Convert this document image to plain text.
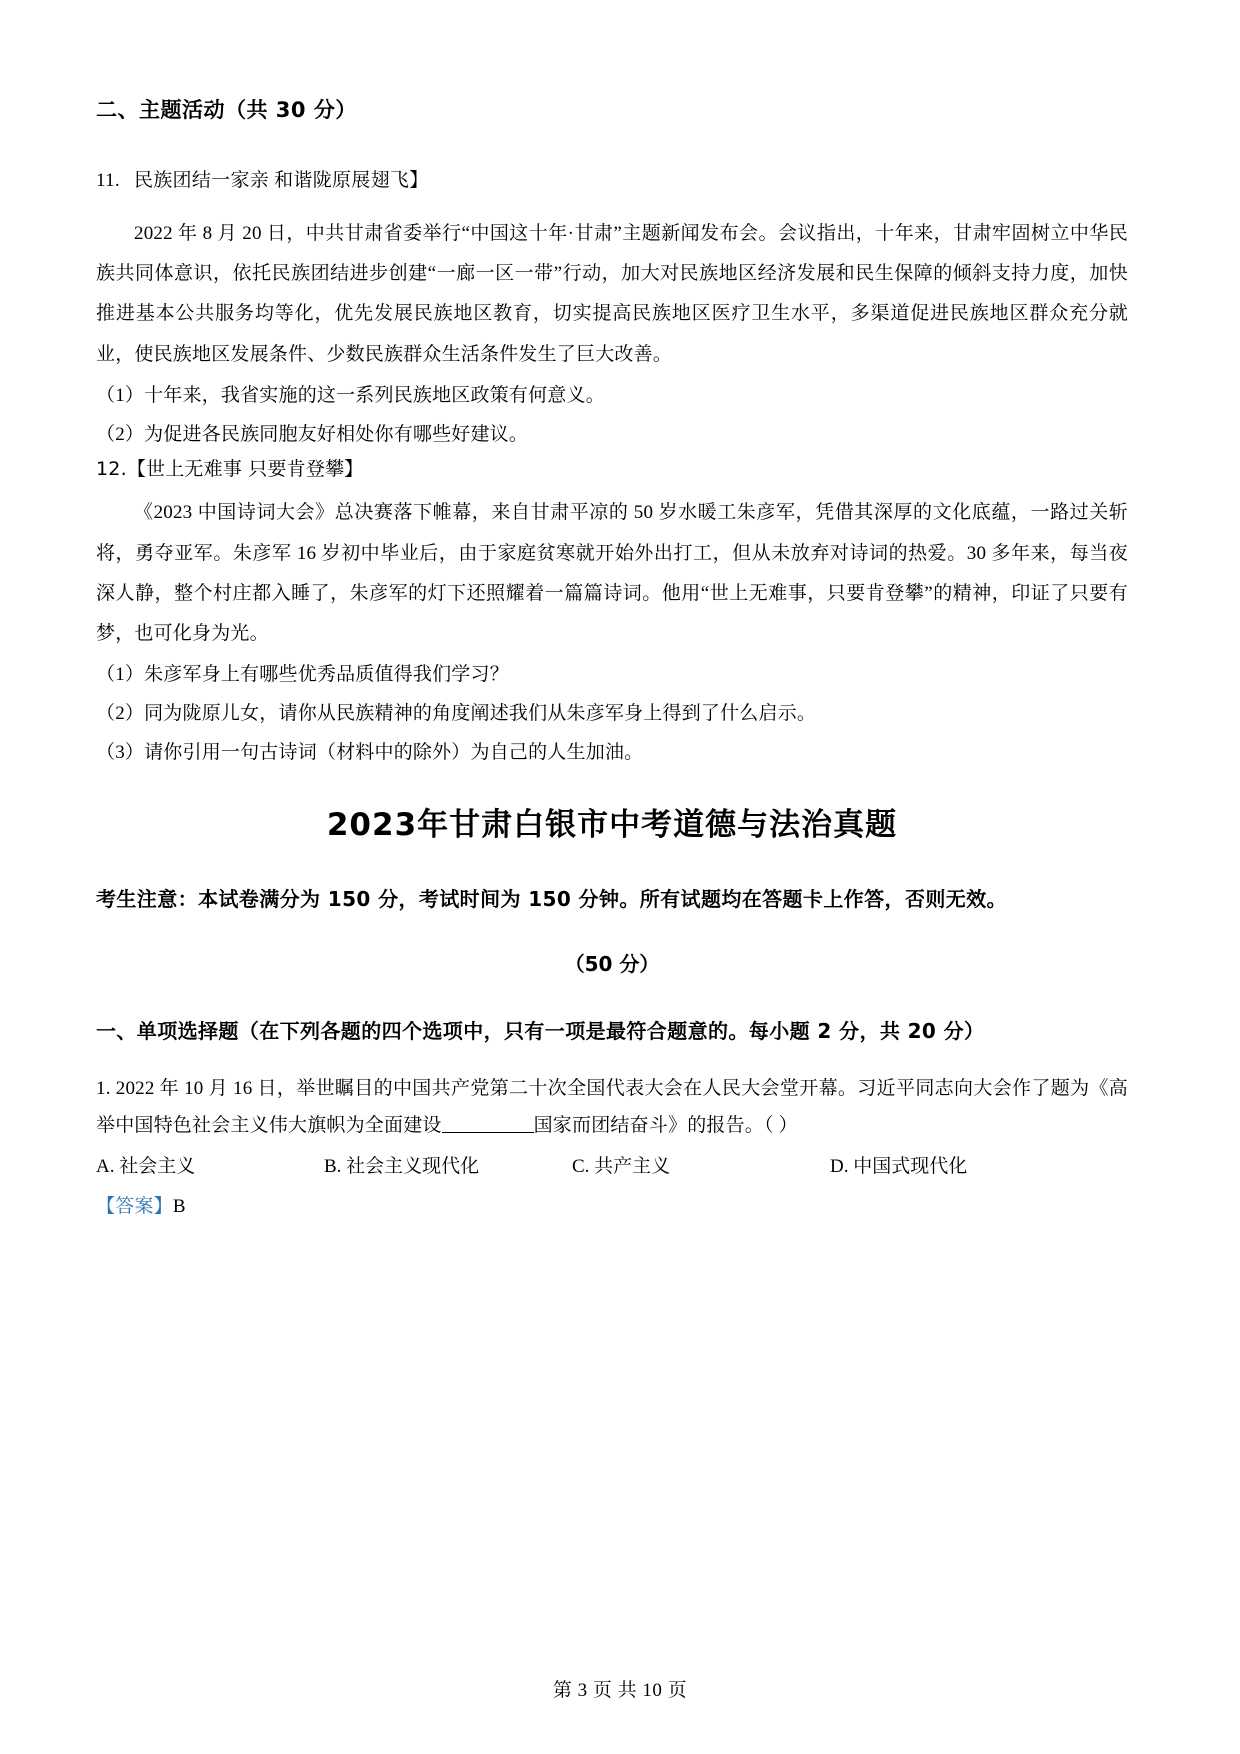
二、主题活动（共 30 分）

11. 民族团结一家亲 和谐陇原展翅飞】

2022 年 8 月 20 日，中共甘肃省委举行“中国这十年·甘肃”主题新闻发布会。会议指出，十年来，甘肃牢固树立中华民族共同体意识，依托民族团结进步创建“一廊一区一带”行动，加大对民族地区经济发展和民生保障的倾斜支持力度，加快推进基本公共服务均等化，优先发展民族地区教育，切实提高民族地区医疗卫生水平，多渠道促进民族地区群众充分就业，使民族地区发展条件、少数民族群众生活条件发生了巨大改善。

（1）十年来，我省实施的这一系列民族地区政策有何意义。

（2）为促进各民族同胞友好相处你有哪些好建议。

12.【世上无难事 只要肯登攀】

《2023 中国诗词大会》总决赛落下帷幕，来自甘肃平凉的 50 岁水暖工朱彦军，凭借其深厚的文化底蕴，一路过关斩将，勇夺亚军。朱彦军 16 岁初中毕业后，由于家庭贫寒就开始外出打工，但从未放弃对诗词的热爱。30 多年来，每当夜深人静，整个村庄都入睡了，朱彦军的灯下还照耀着一篇篇诗词。他用“世上无难事，只要肯登攀”的精神，印证了只要有梦，也可化身为光。

（1）朱彦军身上有哪些优秀品质值得我们学习？

（2）同为陇原儿女，请你从民族精神的角度阐述我们从朱彦军身上得到了什么启示。

（3）请你引用一句古诗词（材料中的除外）为自己的人生加油。

2023年甘肃白银市中考道德与法治真题

考生注意：本试卷满分为 150 分，考试时间为 150 分钟。所有试题均在答题卡上作答，否则无效。

（50 分）

一、单项选择题（在下列各题的四个选项中，只有一项是最符合题意的。每小题 2 分，共 20 分）

1. 2022 年 10 月 16 日，举世瞩目的中国共产党第二十次全国代表大会在人民大会堂开幕。习近平同志向大会作了题为《高举中国特色社会主义伟大旗帜为全面建设	国家而团结奋斗》的报告。（ ）

A. 社会主义	B. 社会主义现代化	C. 共产主义	D. 中国式现代化

【答案】B

第 3 页 共 10 页
